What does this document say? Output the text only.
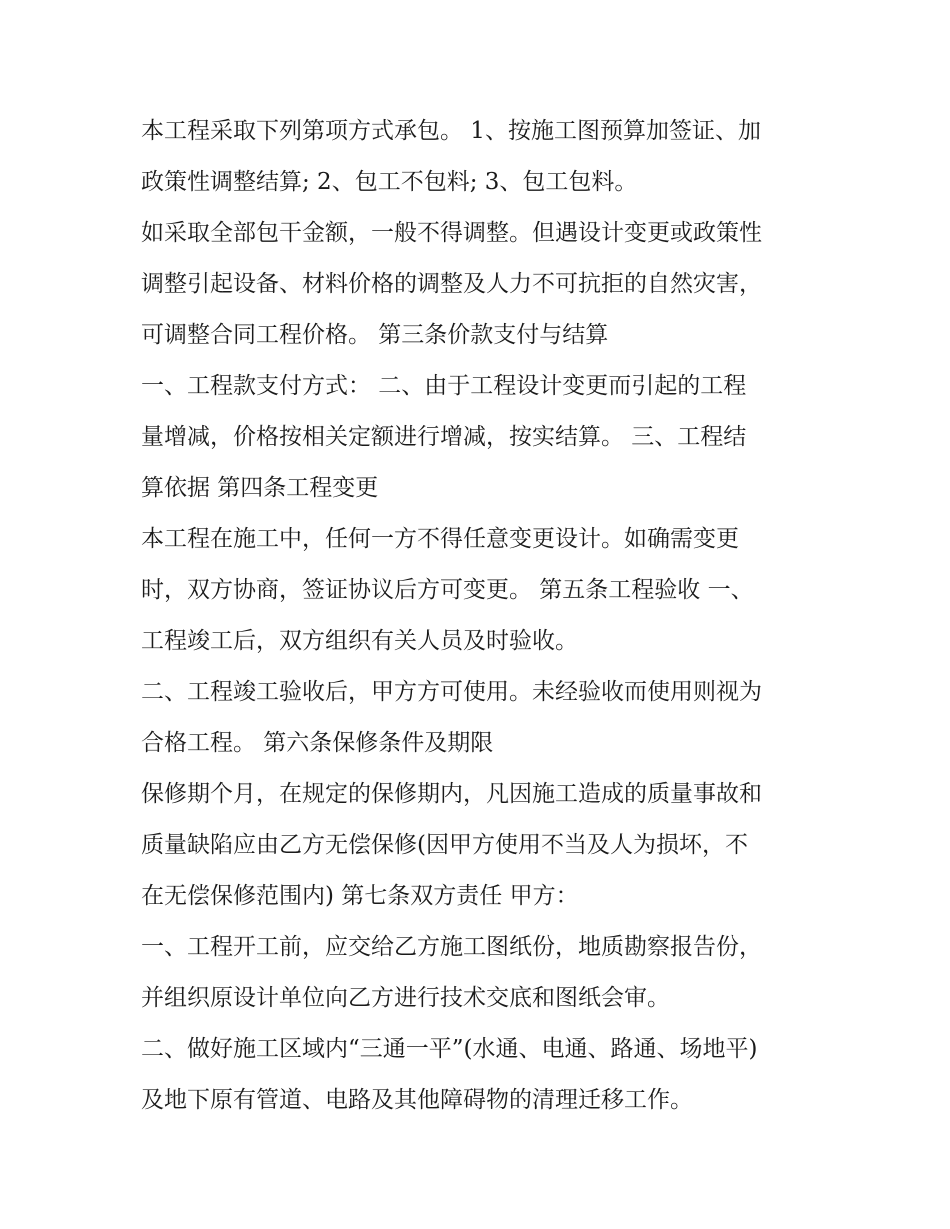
本工程采取下列第项方式承包。 1、按施工图预算加签证、加
政策性调整结算; 2、包工不包料; 3、包工包料。
如采取全部包干金额，一般不得调整。但遇设计变更或政策性
调整引起设备、材料价格的调整及人力不可抗拒的自然灾害，
可调整合同工程价格。 第三条价款支付与结算
一、工程款支付方式： 二、由于工程设计变更而引起的工程
量增减，价格按相关定额进行增减，按实结算。 三、工程结
算依据 第四条工程变更
本工程在施工中，任何一方不得任意变更设计。如确需变更
时，双方协商，签证协议后方可变更。 第五条工程验收 一、
工程竣工后，双方组织有关人员及时验收。
二、工程竣工验收后，甲方方可使用。未经验收而使用则视为
合格工程。 第六条保修条件及期限
保修期个月，在规定的保修期内，凡因施工造成的质量事故和
质量缺陷应由乙方无偿保修(因甲方使用不当及人为损坏，不
在无偿保修范围内) 第七条双方责任 甲方：
一、工程开工前，应交给乙方施工图纸份，地质勘察报告份，
并组织原设计单位向乙方进行技术交底和图纸会审。
二、做好施工区域内“三通一平”(水通、电通、路通、场地平)
及地下原有管道、电路及其他障碍物的清理迁移工作。
